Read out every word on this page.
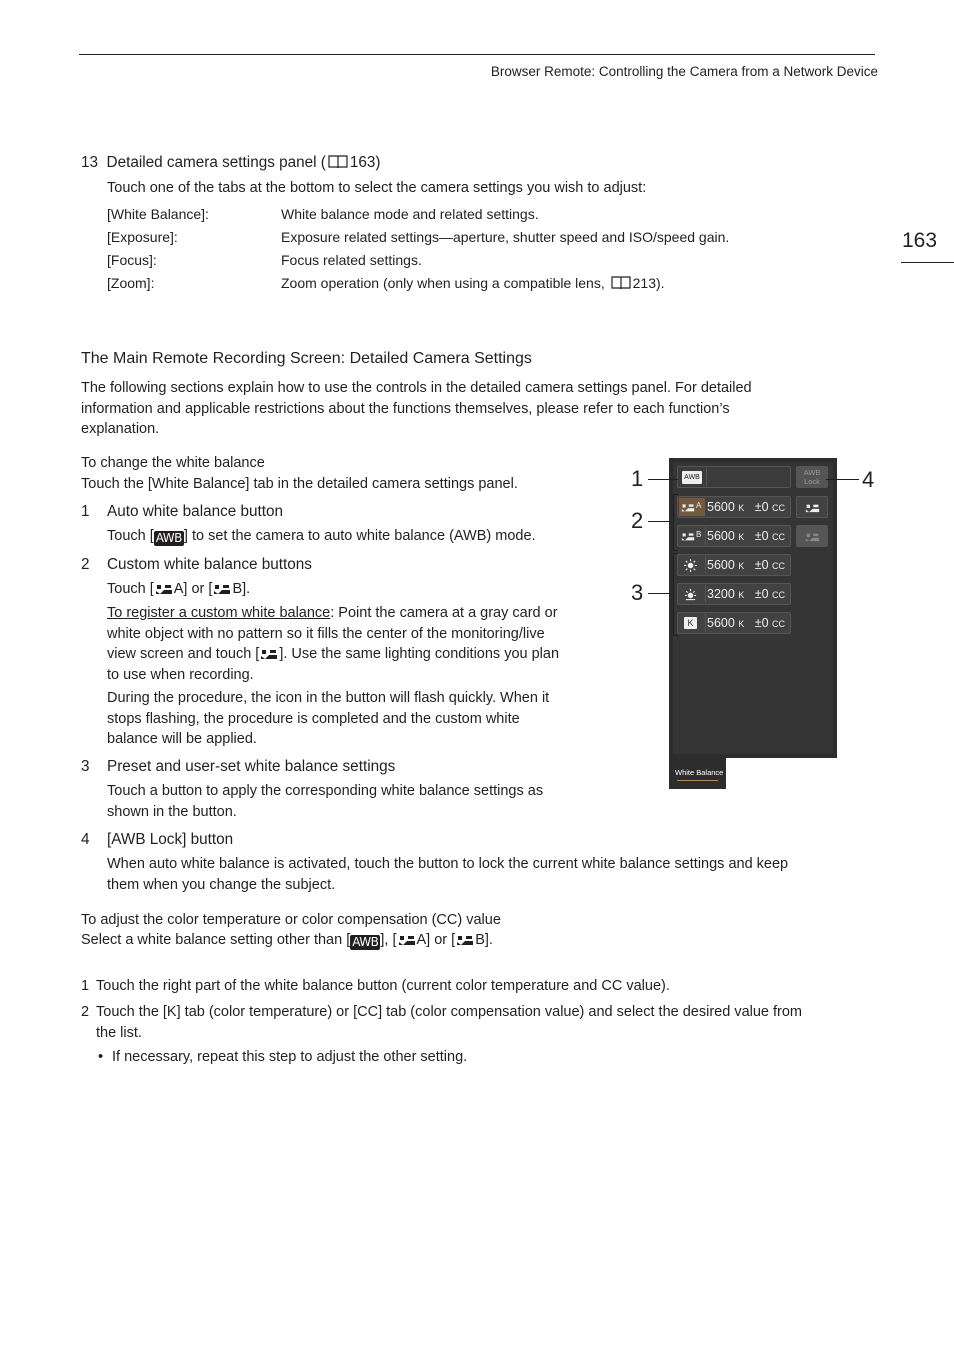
Browser Remote: Controlling the Camera from a Network Device
163
13 Detailed camera settings panel ( 163)
Touch one of the tabs at the bottom to select the camera settings you wish to adjust:
[White Balance]:	White balance mode and related settings.
[Exposure]:	Exposure related settings—aperture, shutter speed and ISO/speed gain.
[Focus]:	Focus related settings.
[Zoom]:	Zoom operation (only when using a compatible lens, 213).
The Main Remote Recording Screen: Detailed Camera Settings
The following sections explain how to use the controls in the detailed camera settings panel. For detailed
information and applicable restrictions about the functions themselves, please refer to each function’s
explanation.
To change the white balance
Touch the [White Balance] tab in the detailed camera settings panel.
1 Auto white balance button
Touch [ AWB ] to set the camera to auto white balance (AWB) mode.
2 Custom white balance buttons
Touch [ A] or [ B].
To register a custom white balance: Point the camera at a gray card or
white object with no pattern so it fills the center of the monitoring/live
view screen and touch [ ]. Use the same lighting conditions you plan
to use when recording.
During the procedure, the icon in the button will flash quickly. When it
stops flashing, the procedure is completed and the custom white
balance will be applied.
3 Preset and user-set white balance settings
Touch a button to apply the corresponding white balance settings as
shown in the button.
4 [AWB Lock] button
When auto white balance is activated, touch the button to lock the current white balance settings and keep
them when you change the subject.
To adjust the color temperature or color compensation (CC) value
Select a white balance setting other than [ AWB ], [ A] or [ B].
1 Touch the right part of the white balance button (current color temperature and CC value).
2 Touch the [K] tab (color temperature) or [CC] tab (color compensation value) and select the desired value from
the list.
• If necessary, repeat this step to adjust the other setting.
AWB
AWB
Lock
A 5600 K ±0 CC
B 5600 K ±0 CC
5600 K ±0 CC
3200 K ±0 CC
K 5600 K ±0 CC
White Balance
1
2
3
4
